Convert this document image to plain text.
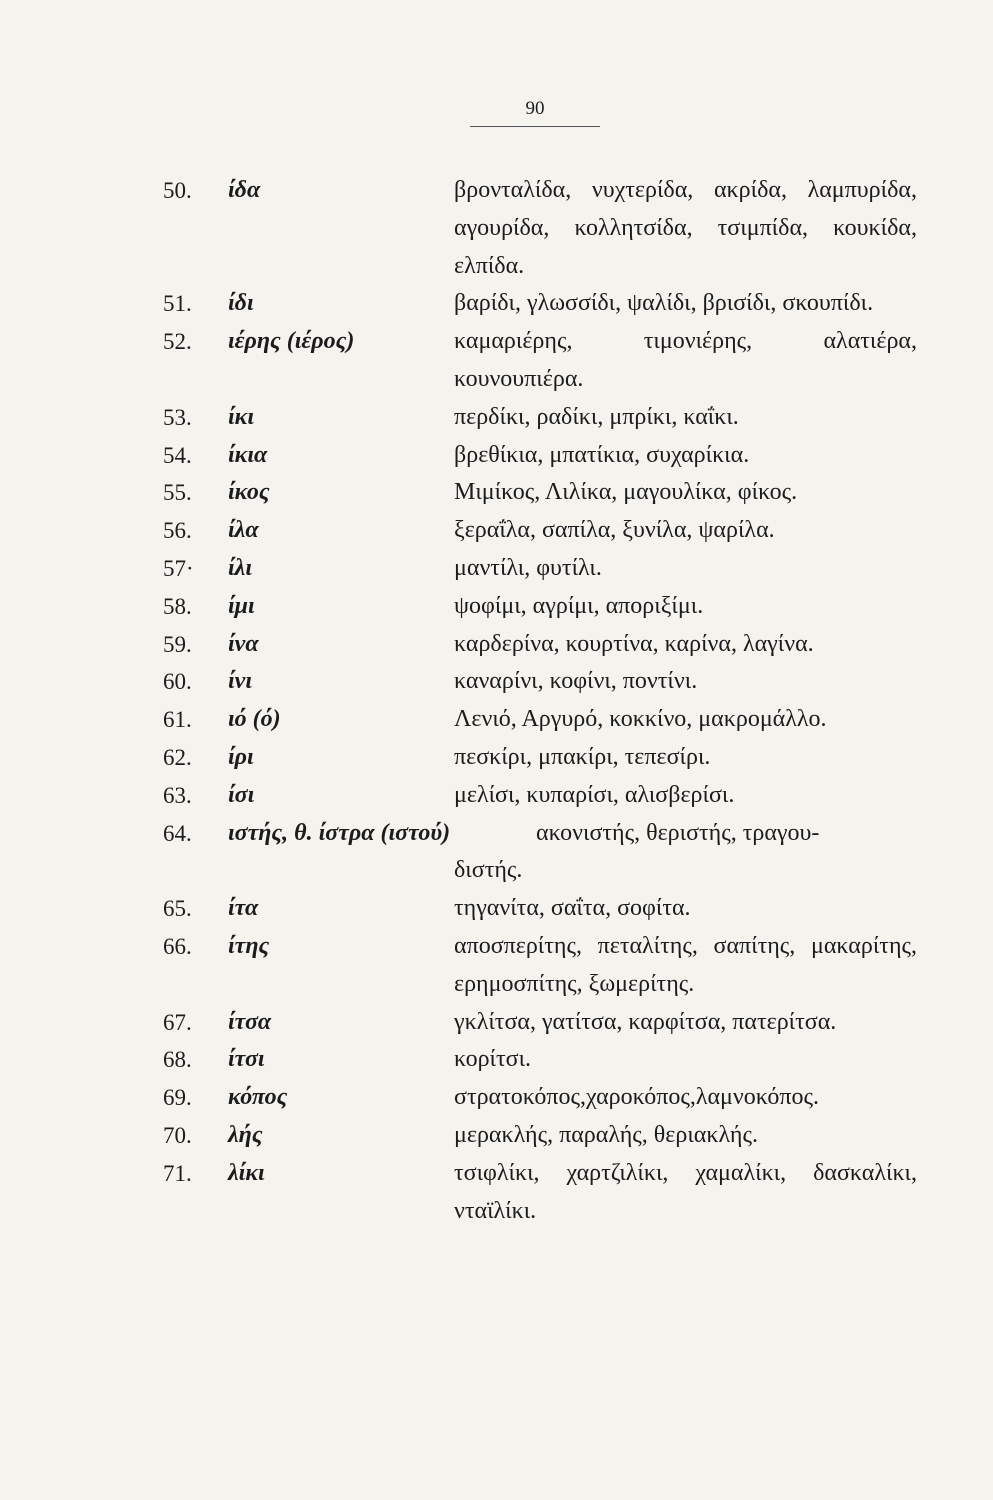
90
50.	ίδα	βρονταλίδα, νυχτερίδα, ακρίδα, λαμπυρίδα, αγουρίδα, κολλητσίδα, τσιμπίδα, κουκίδα, ελπίδα.
51.	ίδι	βαρίδι, γλωσσίδι, ψαλίδι, βρισίδι, σκουπίδι.
52.	ιέρης (ιέρος)	καμαριέρης, τιμονιέρης, αλατιέρα, κουνουπιέρα.
53.	ίκι	περδίκι, ραδίκι, μπρίκι, καΐκι.
54.	ίκια	βρεθίκια, μπατίκια, συχαρίκια.
55.	ίκος	Μιμίκος, Λιλίκα, μαγουλίκα, φίκος.
56.	ίλα	ξεραΐλα, σαπίλα, ξυνίλα, ψαρίλα.
57·	ίλι	μαντίλι, φυτίλι.
58.	ίμι	ψοφίμι, αγρίμι, αποριξίμι.
59.	ίνα	καρδερίνα, κουρτίνα, καρίνα, λαγίνα.
60.	ίνι	καναρίνι, κοφίνι, ποντίνι.
61.	ιό (ό)	Λενιό, Αργυρό, κοκκίνο, μακρομάλλο.
62.	ίρι	πεσκίρι, μπακίρι, τεπεσίρι.
63.	ίσι	μελίσι, κυπαρίσι, αλισβερίσι.
64.	ιστής, θ. ίστρα (ιστού)	ακονιστής, θεριστής, τραγου-
διστής.
65.	ίτα	τηγανίτα, σαΐτα, σοφίτα.
66.	ίτης	αποσπερίτης, πεταλίτης, σαπίτης, μακαρίτης, ερημοσπίτης, ξωμερίτης.
67.	ίτσα	γκλίτσα, γατίτσα, καρφίτσα, πατερίτσα.
68.	ίτσι	κορίτσι.
69.	κόπος	στρατοκόπος,χαροκόπος,λαμνοκόπος.
70.	λής	μερακλής, παραλής, θεριακλής.
71.	λίκι	τσιφλίκι, χαρτζιλίκι, χαμαλίκι, δασκαλίκι, νταϊλίκι.
